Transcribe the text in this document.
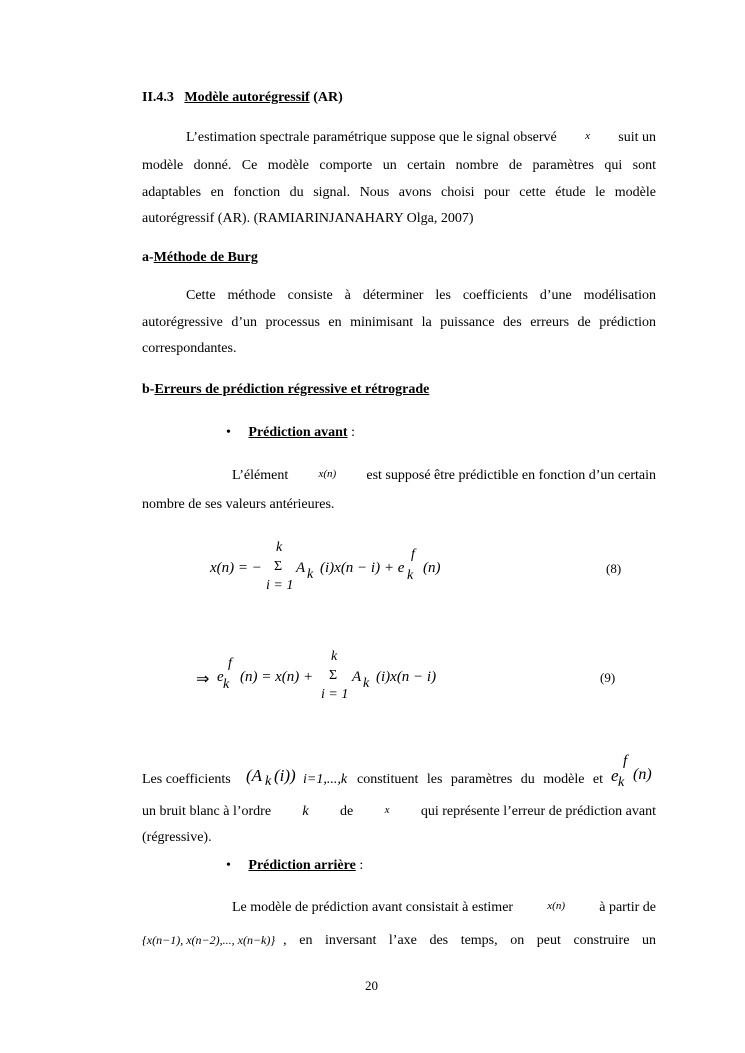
II.4.3 Modèle autorégressif (AR)
L’estimation spectrale paramétrique suppose que le signal observé	x suit un
modèle donné. Ce modèle comporte un certain nombre de paramètres qui sont
adaptables en fonction du signal. Nous avons choisi pour cette étude le modèle
autorégressif (AR). (RAMIARINJANAHARY Olga, 2007)
a-Méthode de Burg
Cette méthode consiste à déterminer les coefficients d’une modélisation
autorégressive d’un processus en minimisant la puissance des erreurs de prédiction
correspondantes.
b-Erreurs de prédiction régressive et rétrograde
• Prédiction avant :
L’élément	x(n) est supposé être prédictible en fonction d’un certain
nombre de ses valeurs antérieures.
x(n) = −
k
Σ
i = 1
A k (i)x(n − i) + e
f
k (n)	(8)
⇒ e
f
k (n) = x(n) +
k
Σ
i = 1
A k (i)x(n − i)	(9)
Les coefficients (A k (i)) i=1,...,k constituent les paramètres du modèle et e
f
k (n)
un bruit blanc à l’ordre k de	x qui représente l’erreur de prédiction avant
(régressive).
• Prédiction arrière :
Le modèle de prédiction avant consistait à estimer	x(n) à partir de
{x(n−1), x(n−2),..., x(n−k)} , en inversant l’axe des temps, on peut construire un
20
